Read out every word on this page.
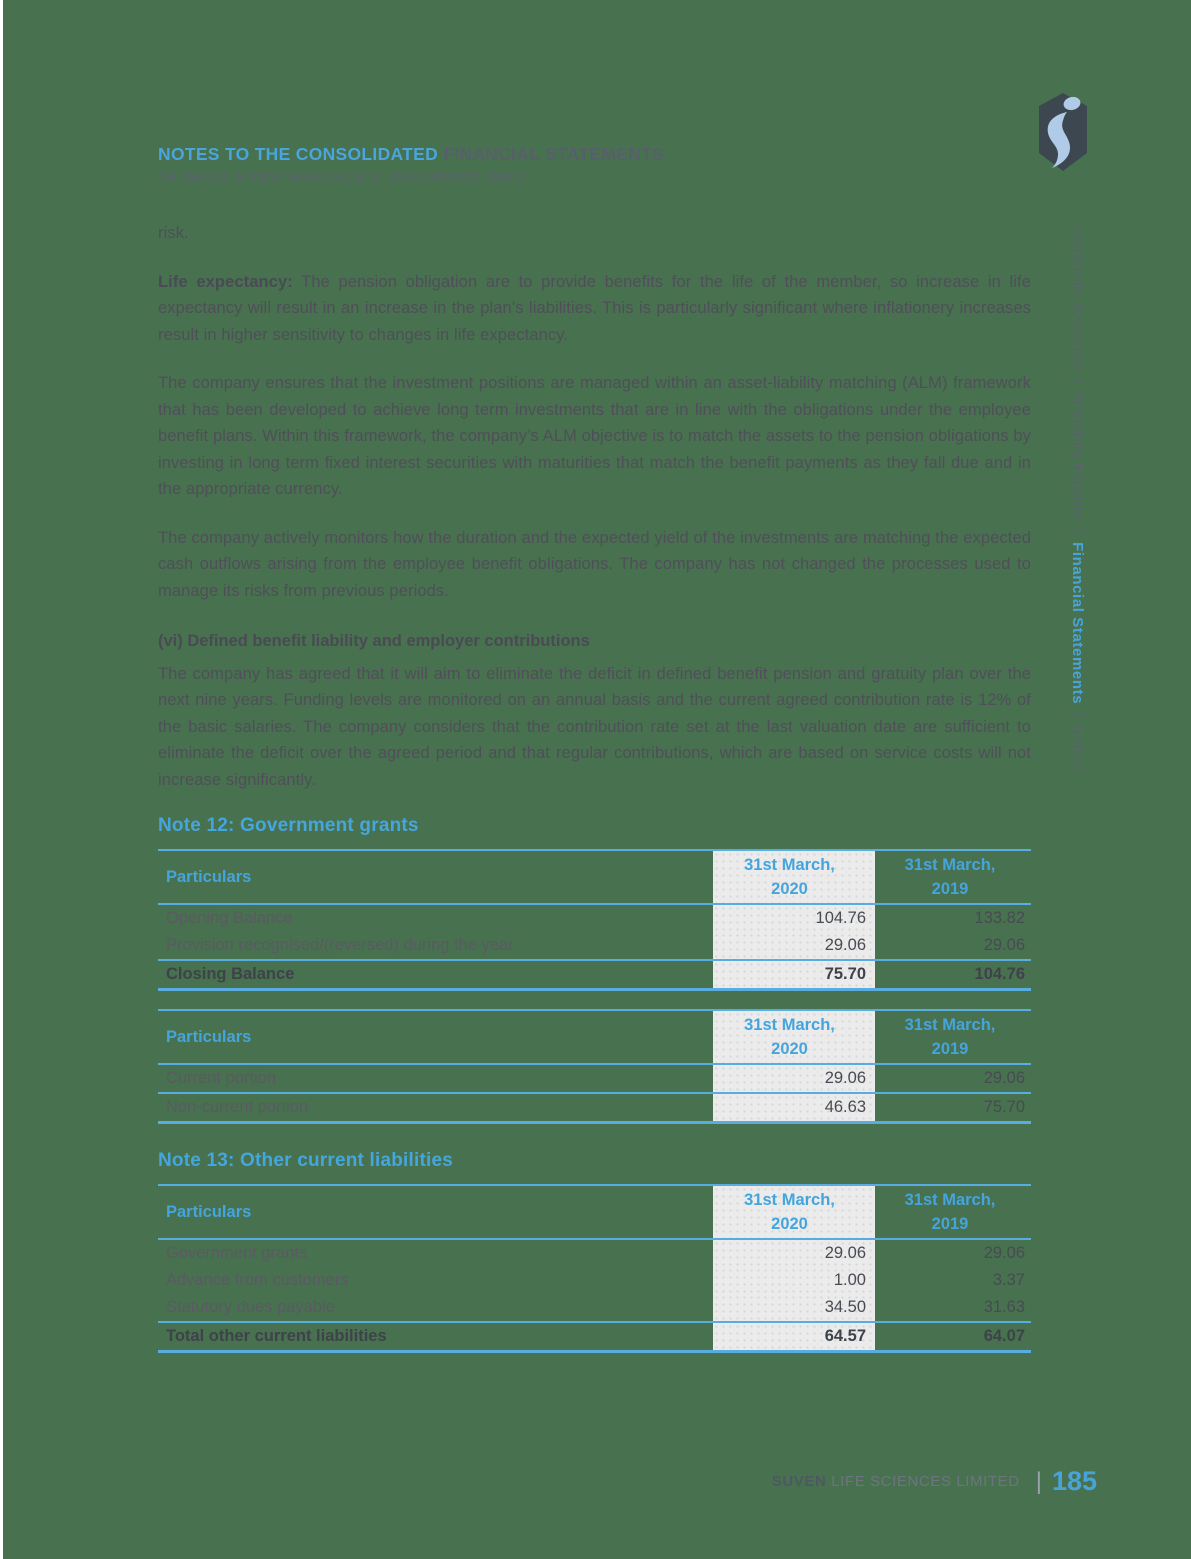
NOTES TO THE CONSOLIDATED FINANCIAL STATEMENTS
(All amounts in Indian Rupees In Lakhs, unless otherwise stated)
Corporate Overview|Statutory Reports|Financial Statements|Notice

risk.

Life expectancy: The pension obligation are to provide benefits for the life of the member, so increase in life expectancy will result in an increase in the plan’s liabilities. This is particularly significant where inflationery increases result in higher sensitivity to changes in life expectancy.

The company ensures that the investment positions are managed within an asset-liability matching (ALM) framework that has been developed to achieve long term investments that are in line with the obligations under the employee benefit plans. Within this framework, the company’s ALM objective is to match the assets to the pension obligations by investing in long term fixed interest securities with maturities that match the benefit payments as they fall due and in the appropriate currency.

The company actively monitors how the duration and the expected yield of the investments are matching the expected cash outflows arising from the employee benefit obligations. The company has not changed the processes used to manage its risks from previous periods.

(vi) Defined benefit liability and employer contributions

The company has agreed that it will aim to eliminate the deficit in defined benefit pension and gratuity plan over the next nine years. Funding levels are monitored on an annual basis and the current agreed contribution rate is 12% of the basic salaries. The company considers that the contribution rate set at the last valuation date are sufficient to eliminate the deficit over the agreed period and that regular contributions, which are based on service costs will not increase significantly.

Note 12: Government grants
Particulars
31st March,
2020
31st March,
2019
Opening Balance	104.76	133.82
Provision recognised/(reversed) during the year	29.06	29.06
Closing Balance	75.70	104.76
Particulars
31st March,
2020
31st March,
2019
Current portion	29.06	29.06
Non-current portion	46.63	75.70
Note 13: Other current liabilities
Particulars
31st March,
2020
31st March,
2019
Government grants	29.06	29.06
Advance from customers	1.00	3.37
Statutory dues payable	34.50	31.63
Total other current liabilities	64.57	64.07
SUVEN LIFE SCIENCES LIMITED | 185
